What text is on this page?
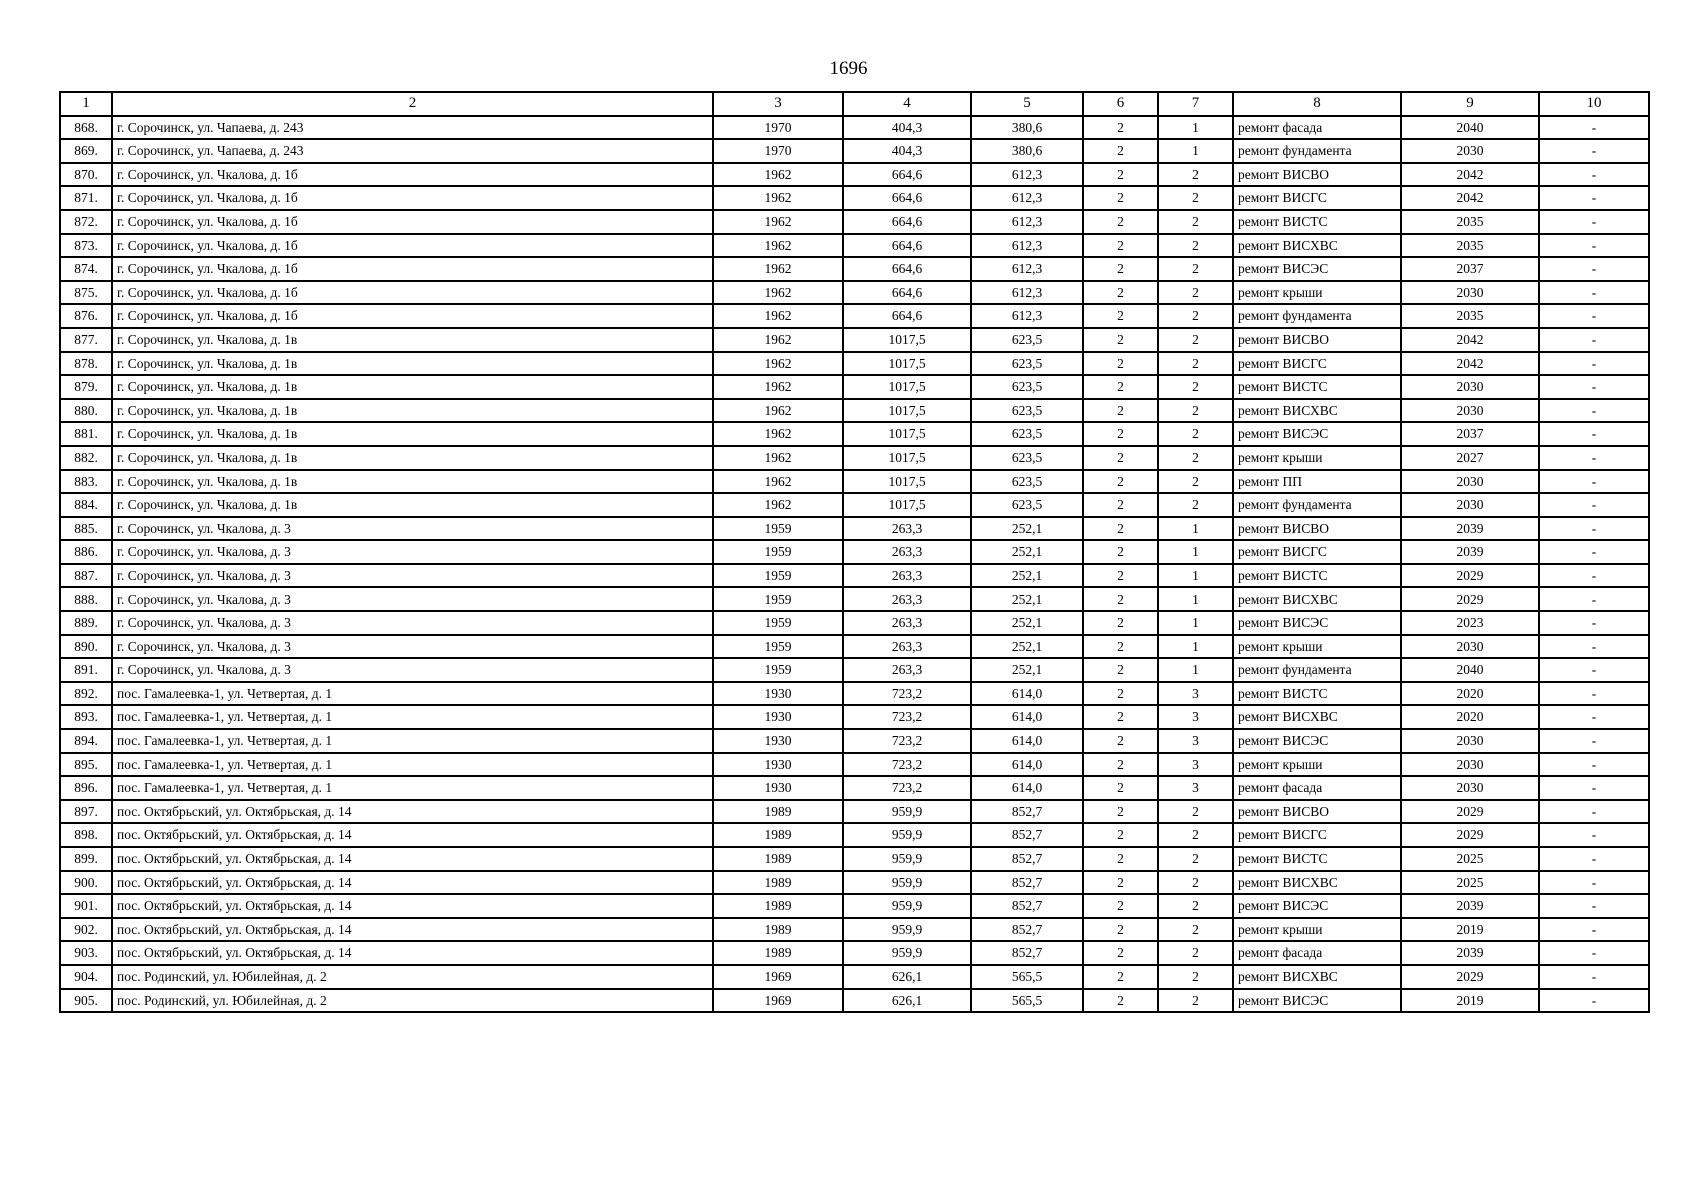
1696
1	2	3	4	5	6	7	8	9	10
868.	г. Сорочинск, ул. Чапаева, д. 243	1970	404,3	380,6	2	1	ремонт фасада	2040	-
869.	г. Сорочинск, ул. Чапаева, д. 243	1970	404,3	380,6	2	1	ремонт фундамента	2030	-
870.	г. Сорочинск, ул. Чкалова, д. 1б	1962	664,6	612,3	2	2	ремонт ВИСВО	2042	-
871.	г. Сорочинск, ул. Чкалова, д. 1б	1962	664,6	612,3	2	2	ремонт ВИСГС	2042	-
872.	г. Сорочинск, ул. Чкалова, д. 1б	1962	664,6	612,3	2	2	ремонт ВИСТС	2035	-
873.	г. Сорочинск, ул. Чкалова, д. 1б	1962	664,6	612,3	2	2	ремонт ВИСХВС	2035	-
874.	г. Сорочинск, ул. Чкалова, д. 1б	1962	664,6	612,3	2	2	ремонт ВИСЭС	2037	-
875.	г. Сорочинск, ул. Чкалова, д. 1б	1962	664,6	612,3	2	2	ремонт крыши	2030	-
876.	г. Сорочинск, ул. Чкалова, д. 1б	1962	664,6	612,3	2	2	ремонт фундамента	2035	-
877.	г. Сорочинск, ул. Чкалова, д. 1в	1962	1017,5	623,5	2	2	ремонт ВИСВО	2042	-
878.	г. Сорочинск, ул. Чкалова, д. 1в	1962	1017,5	623,5	2	2	ремонт ВИСГС	2042	-
879.	г. Сорочинск, ул. Чкалова, д. 1в	1962	1017,5	623,5	2	2	ремонт ВИСТС	2030	-
880.	г. Сорочинск, ул. Чкалова, д. 1в	1962	1017,5	623,5	2	2	ремонт ВИСХВС	2030	-
881.	г. Сорочинск, ул. Чкалова, д. 1в	1962	1017,5	623,5	2	2	ремонт ВИСЭС	2037	-
882.	г. Сорочинск, ул. Чкалова, д. 1в	1962	1017,5	623,5	2	2	ремонт крыши	2027	-
883.	г. Сорочинск, ул. Чкалова, д. 1в	1962	1017,5	623,5	2	2	ремонт ПП	2030	-
884.	г. Сорочинск, ул. Чкалова, д. 1в	1962	1017,5	623,5	2	2	ремонт фундамента	2030	-
885.	г. Сорочинск, ул. Чкалова, д. 3	1959	263,3	252,1	2	1	ремонт ВИСВО	2039	-
886.	г. Сорочинск, ул. Чкалова, д. 3	1959	263,3	252,1	2	1	ремонт ВИСГС	2039	-
887.	г. Сорочинск, ул. Чкалова, д. 3	1959	263,3	252,1	2	1	ремонт ВИСТС	2029	-
888.	г. Сорочинск, ул. Чкалова, д. 3	1959	263,3	252,1	2	1	ремонт ВИСХВС	2029	-
889.	г. Сорочинск, ул. Чкалова, д. 3	1959	263,3	252,1	2	1	ремонт ВИСЭС	2023	-
890.	г. Сорочинск, ул. Чкалова, д. 3	1959	263,3	252,1	2	1	ремонт крыши	2030	-
891.	г. Сорочинск, ул. Чкалова, д. 3	1959	263,3	252,1	2	1	ремонт фундамента	2040	-
892.	пос. Гамалеевка-1, ул. Четвертая, д. 1	1930	723,2	614,0	2	3	ремонт ВИСТС	2020	-
893.	пос. Гамалеевка-1, ул. Четвертая, д. 1	1930	723,2	614,0	2	3	ремонт ВИСХВС	2020	-
894.	пос. Гамалеевка-1, ул. Четвертая, д. 1	1930	723,2	614,0	2	3	ремонт ВИСЭС	2030	-
895.	пос. Гамалеевка-1, ул. Четвертая, д. 1	1930	723,2	614,0	2	3	ремонт крыши	2030	-
896.	пос. Гамалеевка-1, ул. Четвертая, д. 1	1930	723,2	614,0	2	3	ремонт фасада	2030	-
897.	пос. Октябрьский, ул. Октябрьская, д. 14	1989	959,9	852,7	2	2	ремонт ВИСВО	2029	-
898.	пос. Октябрьский, ул. Октябрьская, д. 14	1989	959,9	852,7	2	2	ремонт ВИСГС	2029	-
899.	пос. Октябрьский, ул. Октябрьская, д. 14	1989	959,9	852,7	2	2	ремонт ВИСТС	2025	-
900.	пос. Октябрьский, ул. Октябрьская, д. 14	1989	959,9	852,7	2	2	ремонт ВИСХВС	2025	-
901.	пос. Октябрьский, ул. Октябрьская, д. 14	1989	959,9	852,7	2	2	ремонт ВИСЭС	2039	-
902.	пос. Октябрьский, ул. Октябрьская, д. 14	1989	959,9	852,7	2	2	ремонт крыши	2019	-
903.	пос. Октябрьский, ул. Октябрьская, д. 14	1989	959,9	852,7	2	2	ремонт фасада	2039	-
904.	пос. Родинский, ул. Юбилейная, д. 2	1969	626,1	565,5	2	2	ремонт ВИСХВС	2029	-
905.	пос. Родинский, ул. Юбилейная, д. 2	1969	626,1	565,5	2	2	ремонт ВИСЭС	2019	-
